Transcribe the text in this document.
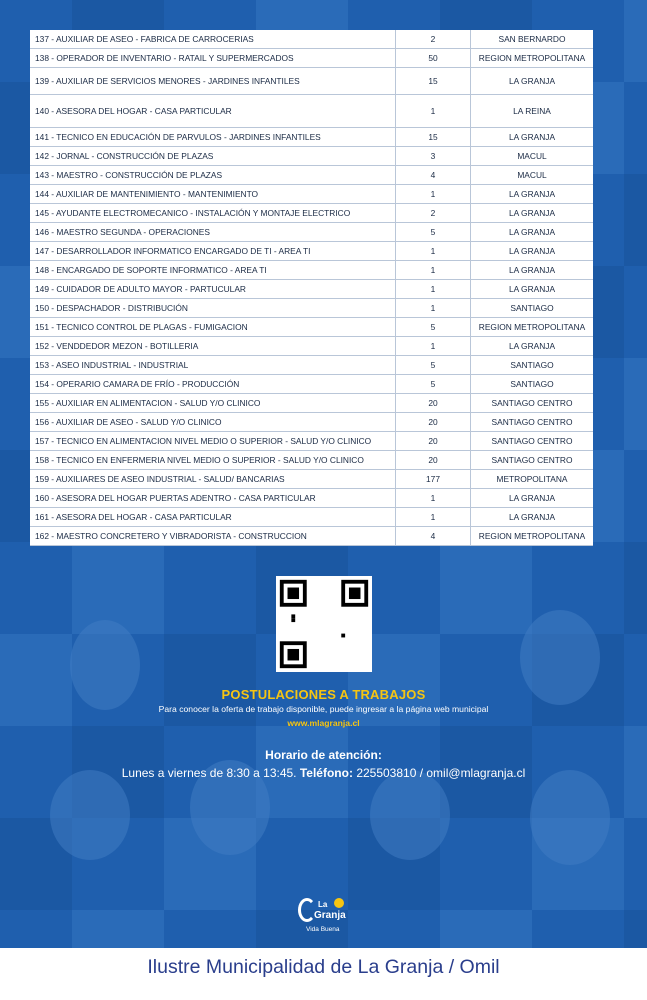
137 - AUXILIAR DE ASEO - FABRICA DE CARROCERIAS	2	SAN BERNARDO
138 - OPERADOR DE INVENTARIO - RATAIL Y SUPERMERCADOS	50	REGION METROPOLITANA
139 - AUXILIAR DE SERVICIOS MENORES - JARDINES INFANTILES	15	LA GRANJA
140 - ASESORA DEL HOGAR - CASA PARTICULAR	1	LA REINA
141 - TECNICO EN EDUCACIÓN DE PARVULOS - JARDINES INFANTILES	15	LA GRANJA
142 - JORNAL - CONSTRUCCIÓN DE PLAZAS	3	MACUL
143 - MAESTRO - CONSTRUCCIÓN DE PLAZAS	4	MACUL
144 - AUXILIAR DE MANTENIMIENTO - MANTENIMIENTO	1	LA GRANJA
145 - AYUDANTE ELECTROMECANICO - INSTALACIÓN Y MONTAJE ELECTRICO	2	LA GRANJA
146 - MAESTRO SEGUNDA - OPERACIONES	5	LA GRANJA
147 - DESARROLLADOR INFORMATICO ENCARGADO DE TI - AREA TI	1	LA GRANJA
148 - ENCARGADO DE SOPORTE INFORMATICO - AREA TI	1	LA GRANJA
149 - CUIDADOR DE ADULTO MAYOR - PARTUCULAR	1	LA GRANJA
150 - DESPACHADOR - DISTRIBUCIÓN	1	SANTIAGO
151 - TECNICO CONTROL DE PLAGAS - FUMIGACION	5	REGION METROPOLITANA
152 - VENDDEDOR MEZON - BOTILLERIA	1	LA GRANJA
153 - ASEO INDUSTRIAL - INDUSTRIAL	5	SANTIAGO
154 - OPERARIO CAMARA DE FRÍO - PRODUCCIÓN	5	SANTIAGO
155 - AUXILIAR EN ALIMENTACION - SALUD Y/O CLINICO	20	SANTIAGO CENTRO
156 - AUXILIAR DE ASEO - SALUD Y/O CLINICO	20	SANTIAGO CENTRO
157 - TECNICO EN ALIMENTACION NIVEL MEDIO O SUPERIOR - SALUD Y/O CLINICO	20	SANTIAGO CENTRO
158 - TECNICO EN ENFERMERIA NIVEL MEDIO O SUPERIOR - SALUD Y/O CLINICO	20	SANTIAGO CENTRO
159 - AUXILIARES DE ASEO INDUSTRIAL - SALUD/ BANCARIAS	177	METROPOLITANA
160 - ASESORA DEL HOGAR PUERTAS ADENTRO - CASA PARTICULAR	1	LA GRANJA
161 - ASESORA DEL HOGAR - CASA PARTICULAR	1	LA GRANJA
162 - MAESTRO CONCRETERO Y VIBRADORISTA - CONSTRUCCION	4	REGION METROPOLITANA
POSTULACIONES A TRABAJOS
Para conocer la oferta de trabajo disponible, puede ingresar a la página web municipal
www.mlagranja.cl
Horario de atención:
Lunes a viernes de 8:30 a 13:45. Teléfono: 225503810 / omil@mlagranja.cl
La
Granja
Vida Buena
Ilustre Municipalidad de La Granja / Omil
